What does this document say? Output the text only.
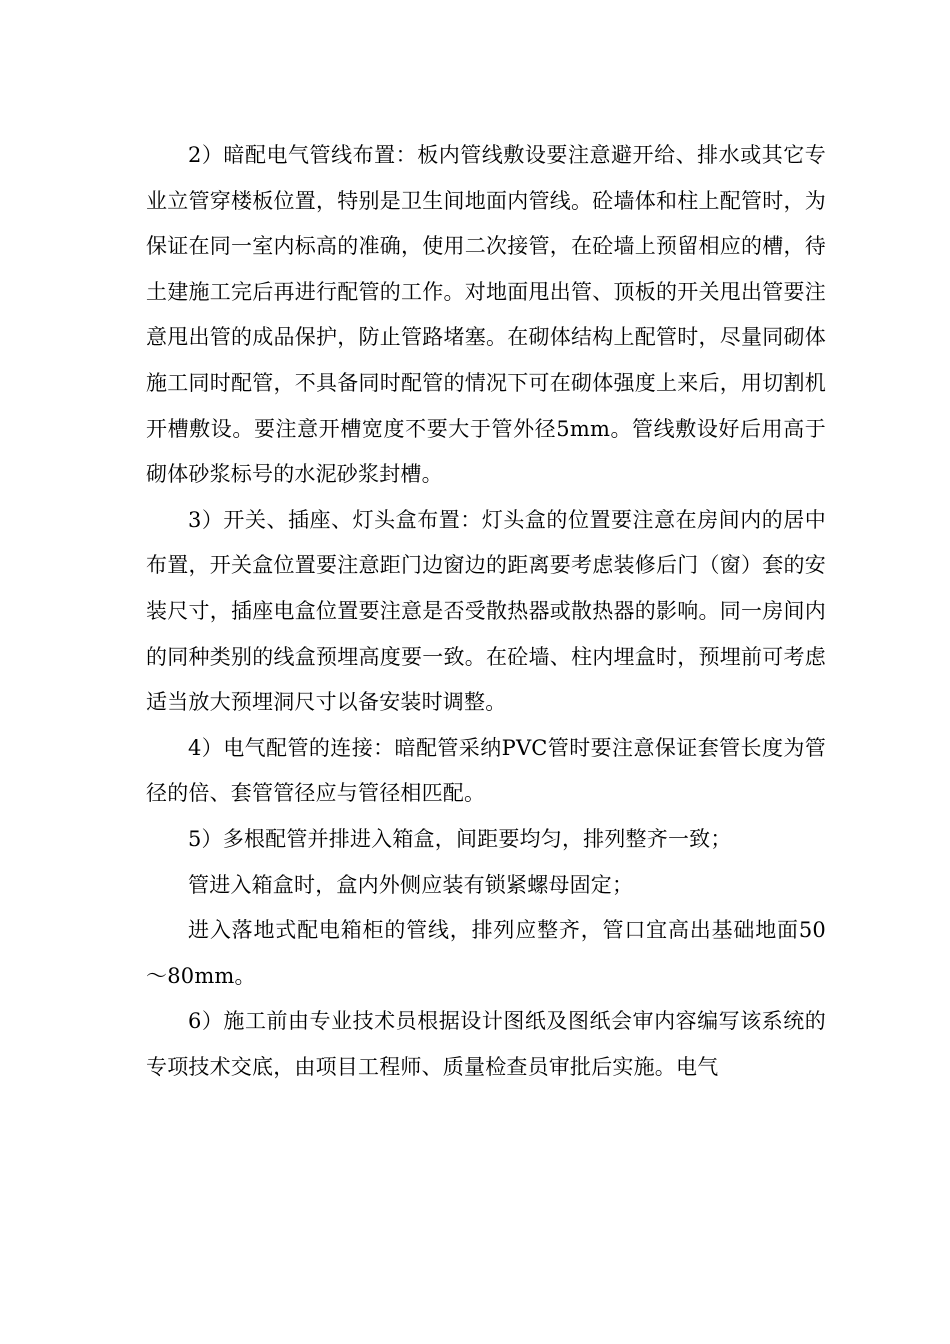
2）暗配电气管线布置：板内管线敷设要注意避开给、排水或其它专业立管穿楼板位置，特别是卫生间地面内管线。砼墙体和柱上配管时，为保证在同一室内标高的准确，使用二次接管，在砼墙上预留相应的槽，待土建施工完后再进行配管的工作。对地面甩出管、顶板的开关甩出管要注意甩出管的成品保护，防止管路堵塞。在砌体结构上配管时，尽量同砌体施工同时配管，不具备同时配管的情况下可在砌体强度上来后，用切割机开槽敷设。要注意开槽宽度不要大于管外径5mm。管线敷设好后用高于砌体砂浆标号的水泥砂浆封槽。

3）开关、插座、灯头盒布置：灯头盒的位置要注意在房间内的居中布置，开关盒位置要注意距门边窗边的距离要考虑装修后门（窗）套的安装尺寸，插座电盒位置要注意是否受散热器或散热器的影响。同一房间内的同种类别的线盒预埋高度要一致。在砼墙、柱内埋盒时，预埋前可考虑适当放大预埋洞尺寸以备安装时调整。

4）电气配管的连接：暗配管采纳PVC管时要注意保证套管长度为管径的倍、套管管径应与管径相匹配。

5）多根配管并排进入箱盒，间距要均匀，排列整齐一致；

管进入箱盒时，盒内外侧应装有锁紧螺母固定；

进入落地式配电箱柜的管线，排列应整齐，管口宜高出基础地面50～80mm。

6）施工前由专业技术员根据设计图纸及图纸会审内容编写该系统的专项技术交底，由项目工程师、质量检查员审批后实施。电气
